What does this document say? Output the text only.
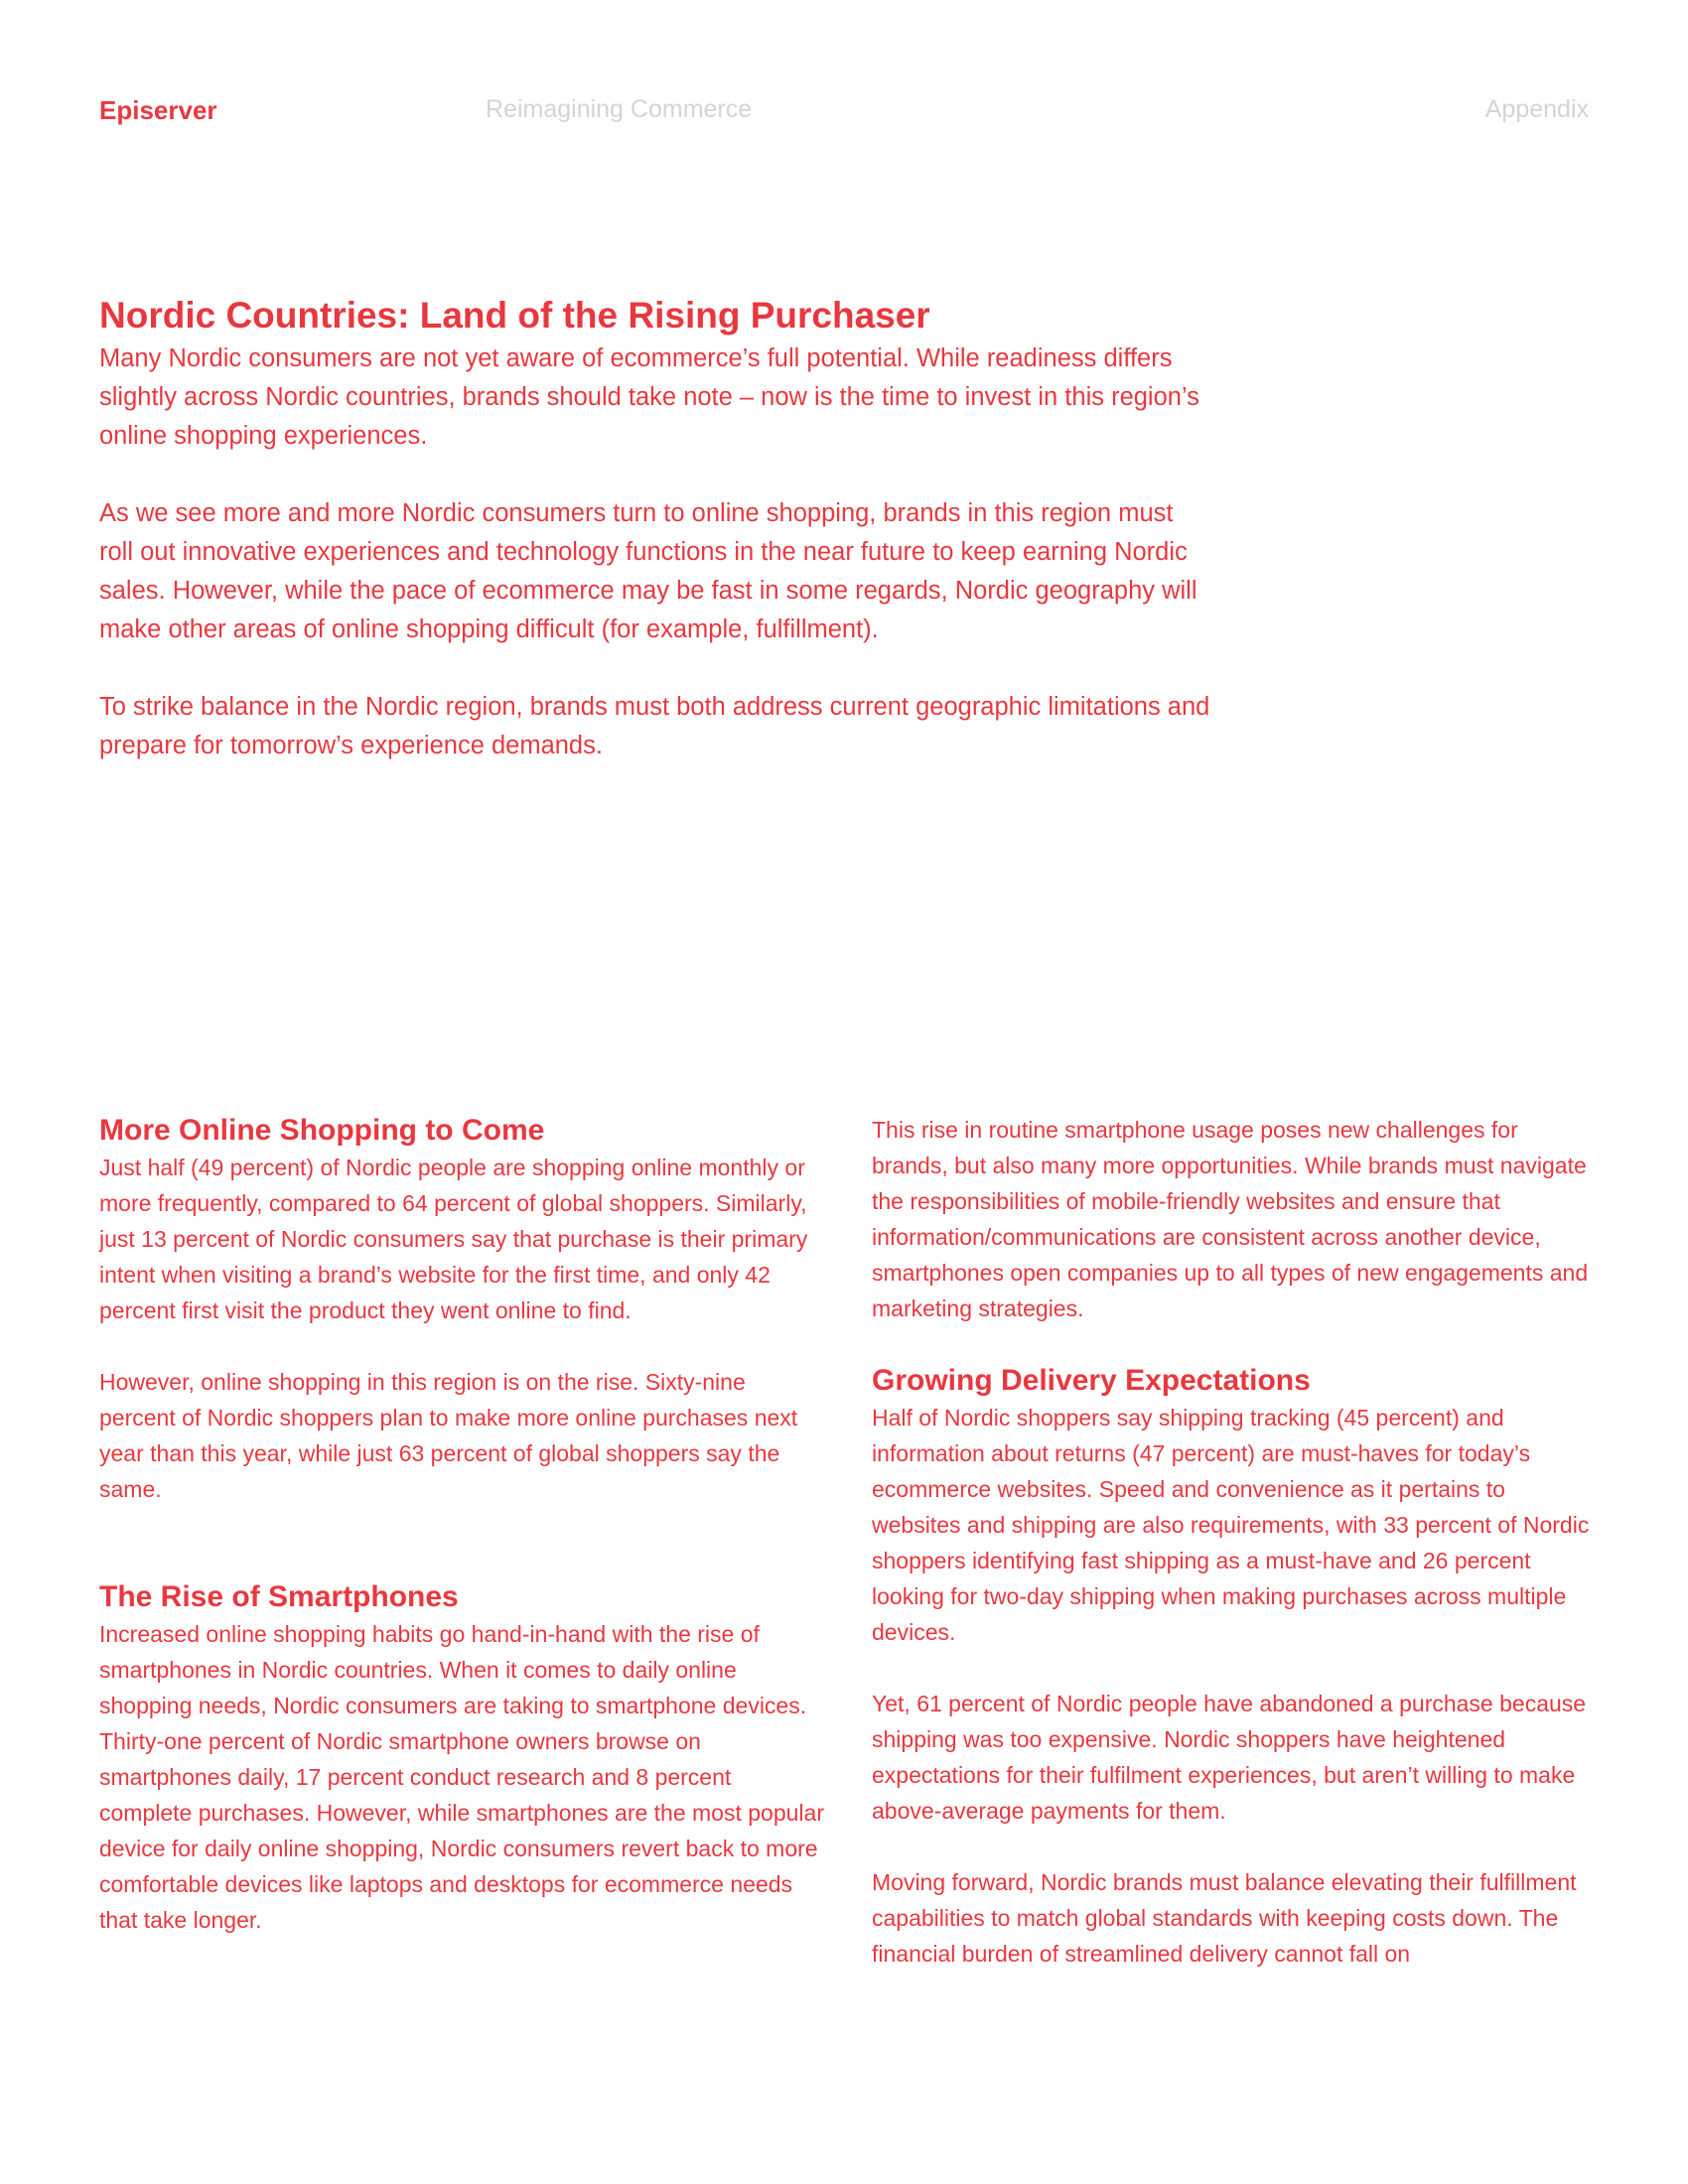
Episerver	Reimagining Commerce	Appendix
Nordic Countries: Land of the Rising Purchaser

Many Nordic consumers are not yet aware of ecommerce’s full potential. While readiness differs slightly across Nordic countries, brands should take note – now is the time to invest in this region’s online shopping experiences.

As we see more and more Nordic consumers turn to online shopping, brands in this region must roll out innovative experiences and technology functions in the near future to keep earning Nordic sales. However, while the pace of ecommerce may be fast in some regards, Nordic geography will make other areas of online shopping difficult (for example, fulfillment).

To strike balance in the Nordic region, brands must both address current geographic limitations and prepare for tomorrow’s experience demands.

More Online Shopping to Come

Just half (49 percent) of Nordic people are shopping online monthly or more frequently, compared to 64 percent of global shoppers. Similarly, just 13 percent of Nordic consumers say that purchase is their primary intent when visiting a brand’s website for the first time, and only 42 percent first visit the product they went online to find.

However, online shopping in this region is on the rise. Sixty-nine percent of Nordic shoppers plan to make more online purchases next year than this year, while just 63 percent of global shoppers say the same.

The Rise of Smartphones

Increased online shopping habits go hand-in-hand with the rise of smartphones in Nordic countries. When it comes to daily online shopping needs, Nordic consumers are taking to smartphone devices. Thirty-one percent of Nordic smartphone owners browse on smartphones daily, 17 percent conduct research and 8 percent complete purchases. However, while smartphones are the most popular device for daily online shopping, Nordic consumers revert back to more comfortable devices like laptops and desktops for ecommerce needs that take longer.

This rise in routine smartphone usage poses new challenges for brands, but also many more opportunities. While brands must navigate the responsibilities of mobile-friendly websites and ensure that information/communications are consistent across another device, smartphones open companies up to all types of new engagements and marketing strategies.

Growing Delivery Expectations

Half of Nordic shoppers say shipping tracking (45 percent) and information about returns (47 percent) are must-haves for today’s ecommerce websites. Speed and convenience as it pertains to websites and shipping are also requirements, with 33 percent of Nordic shoppers identifying fast shipping as a must-have and 26 percent looking for two-day shipping when making purchases across multiple devices.

Yet, 61 percent of Nordic people have abandoned a purchase because shipping was too expensive. Nordic shoppers have heightened expectations for their fulfilment experiences, but aren’t willing to make above-average payments for them.

Moving forward, Nordic brands must balance elevating their fulfillment capabilities to match global standards with keeping costs down. The financial burden of streamlined delivery cannot fall on
